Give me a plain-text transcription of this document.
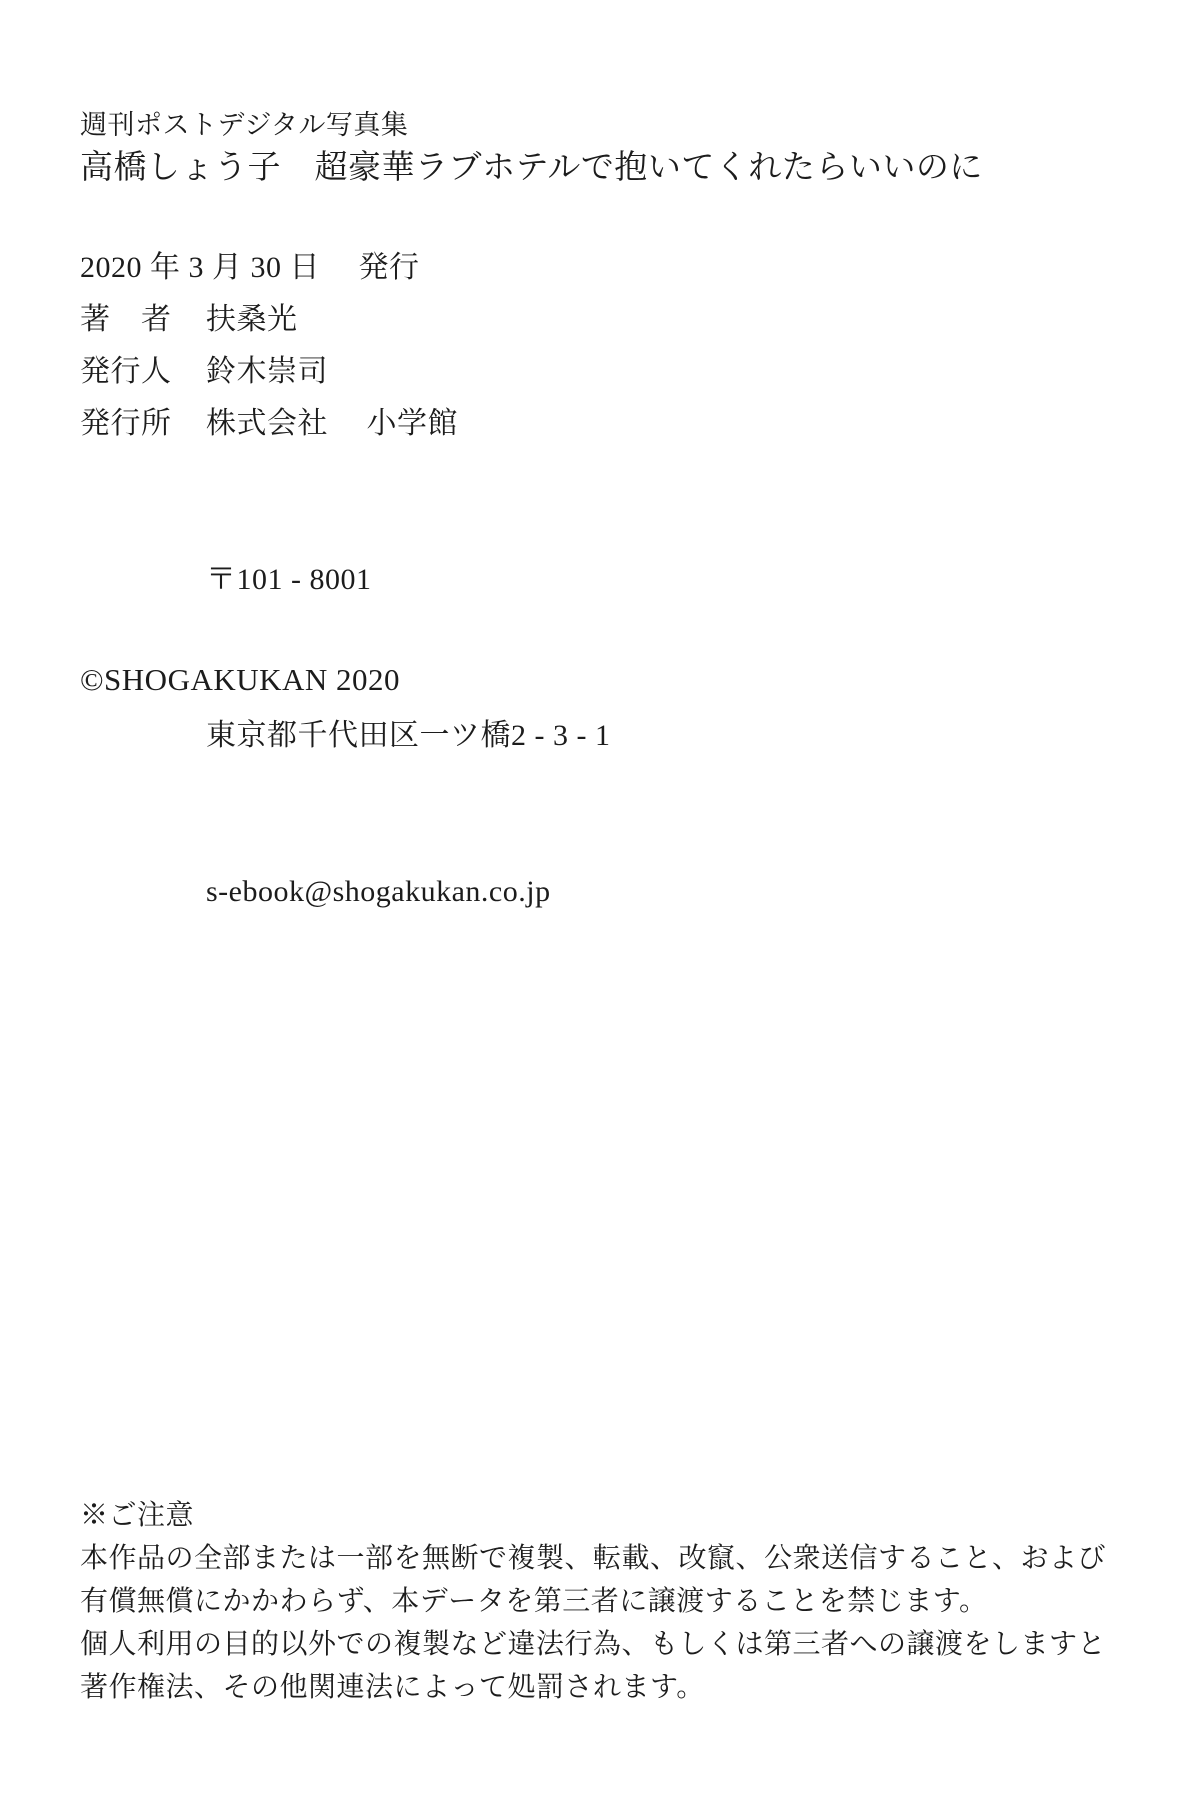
週刊ポストデジタル写真集
高橋しょう子　超豪華ラブホテルで抱いてくれたらいいのに
2020 年 3 月 30 日　 発行
著　者 扶桑光
発行人 鈴木崇司
発行所 株式会社　 小学館

〒101 - 8001

東京都千代田区一ツ橋2 - 3 - 1

s-ebook@shogakukan.co.jp

©SHOGAKUKAN 2020
※ご注意
本作品の全部または一部を無断で複製、転載、改竄、公衆送信すること、および
有償無償にかかわらず、本データを第三者に譲渡することを禁じます。
個人利用の目的以外での複製など違法行為、もしくは第三者への譲渡をしますと
著作権法、その他関連法によって処罰されます。
